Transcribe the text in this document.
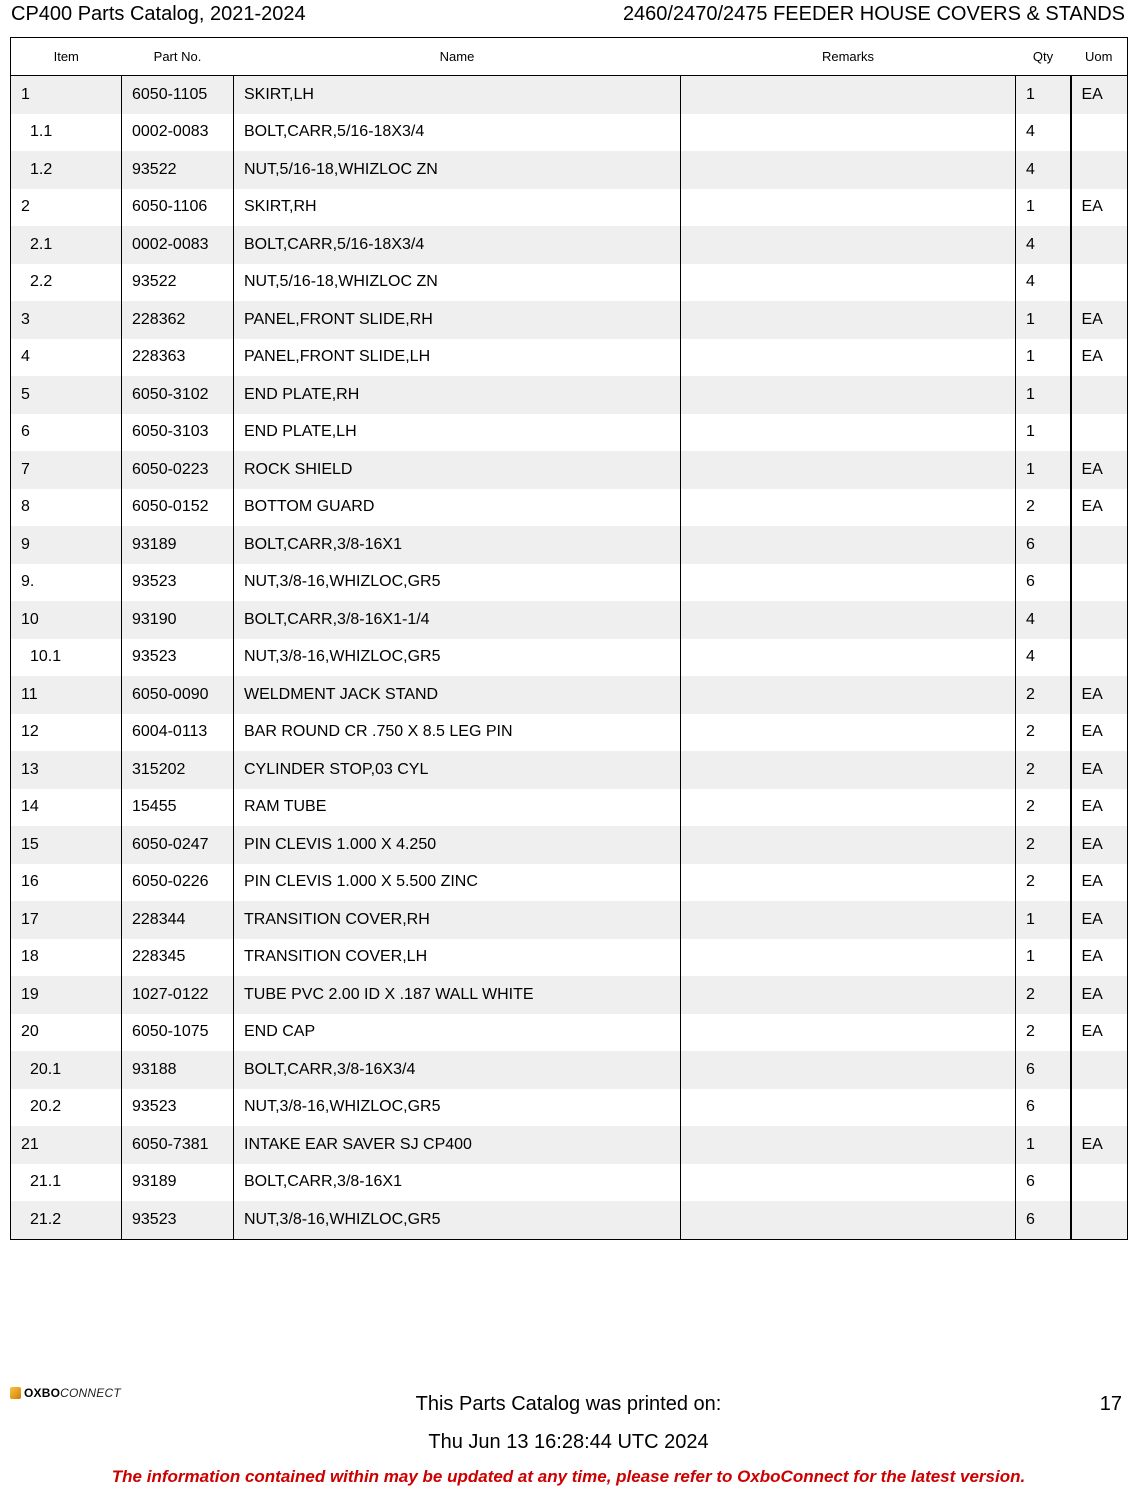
CP400 Parts Catalog, 2021-2024	2460/2470/2475 FEEDER HOUSE COVERS & STANDS
Item	Part No.	Name	Remarks	Qty	Uom
1	6050-1105	SKIRT,LH		1	EA
1.1	0002-0083	BOLT,CARR,5/16-18X3/4		4	
1.2	93522	NUT,5/16-18,WHIZLOC ZN		4	
2	6050-1106	SKIRT,RH		1	EA
2.1	0002-0083	BOLT,CARR,5/16-18X3/4		4	
2.2	93522	NUT,5/16-18,WHIZLOC ZN		4	
3	228362	PANEL,FRONT SLIDE,RH		1	EA
4	228363	PANEL,FRONT SLIDE,LH		1	EA
5	6050-3102	END PLATE,RH		1	
6	6050-3103	END PLATE,LH		1	
7	6050-0223	ROCK SHIELD		1	EA
8	6050-0152	BOTTOM GUARD		2	EA
9	93189	BOLT,CARR,3/8-16X1		6	
9.	93523	NUT,3/8-16,WHIZLOC,GR5		6	
10	93190	BOLT,CARR,3/8-16X1-1/4		4	
10.1	93523	NUT,3/8-16,WHIZLOC,GR5		4	
11	6050-0090	WELDMENT JACK STAND		2	EA
12	6004-0113	BAR ROUND CR .750 X 8.5 LEG PIN		2	EA
13	315202	CYLINDER STOP,03 CYL		2	EA
14	15455	RAM TUBE		2	EA
15	6050-0247	PIN CLEVIS 1.000 X 4.250		2	EA
16	6050-0226	PIN CLEVIS 1.000 X 5.500 ZINC		2	EA
17	228344	TRANSITION COVER,RH		1	EA
18	228345	TRANSITION COVER,LH		1	EA
19	1027-0122	TUBE PVC 2.00 ID X .187 WALL WHITE		2	EA
20	6050-1075	END CAP		2	EA
20.1	93188	BOLT,CARR,3/8-16X3/4		6	
20.2	93523	NUT,3/8-16,WHIZLOC,GR5		6	
21	6050-7381	INTAKE EAR SAVER SJ CP400		1	EA
21.1	93189	BOLT,CARR,3/8-16X1		6	
21.2	93523	NUT,3/8-16,WHIZLOC,GR5		6	
OXBO CONNECT	This Parts Catalog was printed on:
Thu Jun 13 16:28:44 UTC 2024
17
The information contained within may be updated at any time, please refer to OxboConnect for the latest version.
